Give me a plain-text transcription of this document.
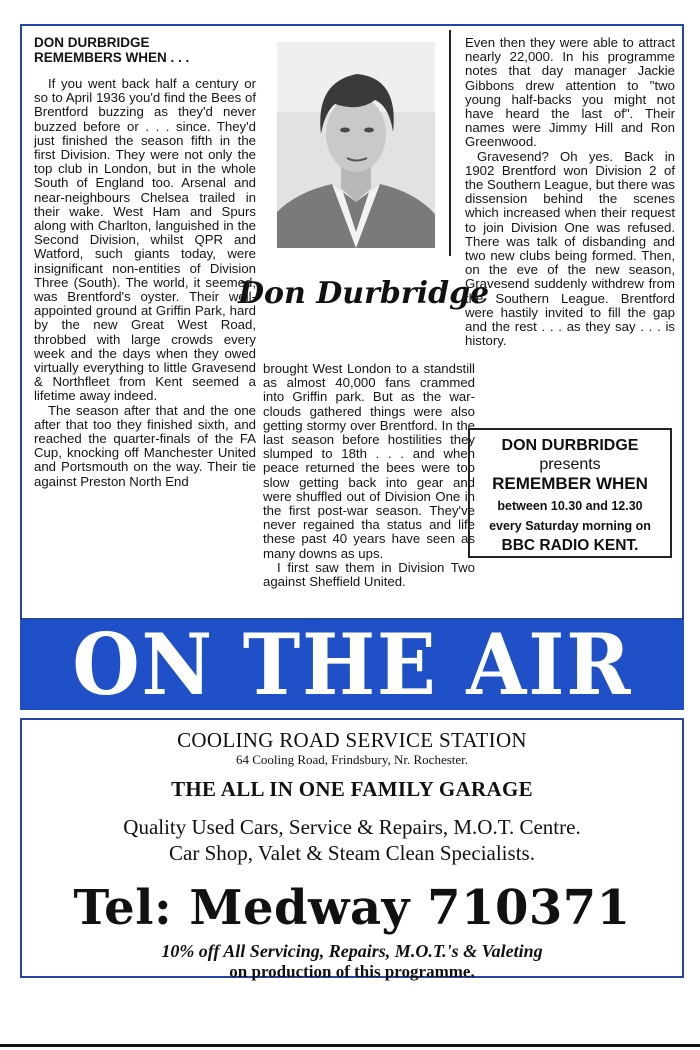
DON DURBRIDGE
REMEMBERS WHEN . . .

If you went back half a century or so to April 1936 you'd find the Bees of Brentford buzzing as they'd never buzzed before or . . . since. They'd just finished the season fifth in the first Division. They were not only the top club in London, but in the whole South of England too. Arsenal and near-neighbours Chelsea trailed in their wake. West Ham and Spurs along with Charlton, languished in the Second Division, whilst QPR and Watford, such giants today, were insignificant non-entities of Division Three (South). The world, it seemed, was Brentford's oyster. Their well-appointed ground at Griffin Park, hard by the new Great West Road, throbbed with large crowds every week and the days when they owed virtually everything to little Gravesend & Northfleet from Kent seemed a lifetime away indeed.

The season after that and the one after that too they finished sixth, and reached the quarter-finals of the FA Cup, knocking off Manchester United and Portsmouth on the way. Their tie against Preston North End

Don Durbridge

brought West London to a standstill as almost 40,000 fans crammed into Griffin park. But as the war-clouds gathered things were also getting stormy over Brentford. In the last season before hostilities they slumped to 18th . . . and when peace returned the bees were too slow getting back into gear and were shuffled out of Division One in the first post-war season. They've never regained tha status and life these past 40 years have seen as many downs as ups.

I first saw them in Division Two against Sheffield United.

Even then they were able to attract nearly 22,000. In his programme notes that day manager Jackie Gibbons drew attention to "two young half-backs you might not have heard the last of". Their names were Jimmy Hill and Ron Greenwood.

Gravesend? Oh yes. Back in 1902 Brentford won Division 2 of the Southern League, but there was dissension behind the scenes which increased when their request to join Division One was refused. There was talk of disbanding and two new clubs being formed. Then, on the eve of the new season, Gravesend suddenly withdrew from the Southern League. Brentford were hastily invited to fill the gap and the rest . . . as they say . . . is history.

DON DURBRIDGE
presents
REMEMBER WHEN
between 10.30 and 12.30
every Saturday morning on
BBC RADIO KENT.
ON THE AIR
COOLING ROAD SERVICE STATION
64 Cooling Road, Frindsbury, Nr. Rochester.
THE ALL IN ONE FAMILY GARAGE
Quality Used Cars, Service & Repairs, M.O.T. Centre.
Car Shop, Valet & Steam Clean Specialists.
Tel: Medway 710371
10% off All Servicing, Repairs, M.O.T.'s & Valeting
on production of this programme.
